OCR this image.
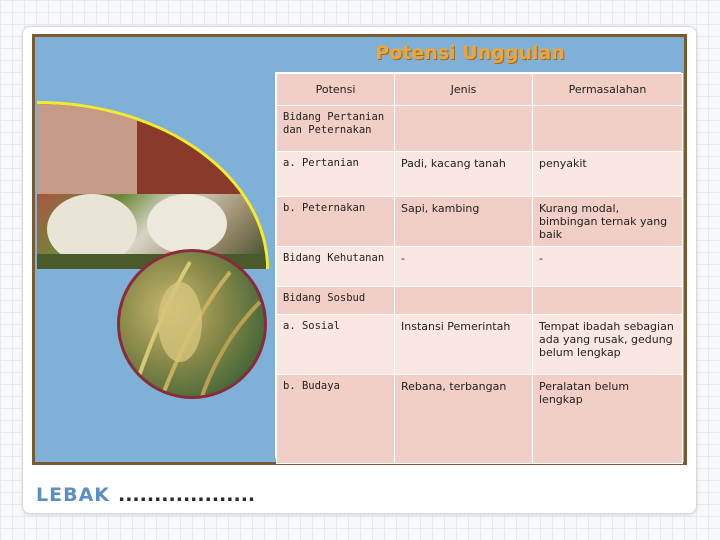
Potensi Unggulan
Potensi	Jenis	Permasalahan
Bidang Pertanian dan Peternakan		
a. Pertanian	Padi, kacang tanah	penyakit
b. Peternakan	Sapi, kambing	Kurang modal, bimbingan ternak yang baik
Bidang Kehutanan	-	-
Bidang Sosbud		
a. Sosial	Instansi Pemerintah	Tempat ibadah sebagian ada yang rusak, gedung belum lengkap
b. Budaya	Rebana, terbangan	Peralatan belum lengkap
LEBAK ...................
